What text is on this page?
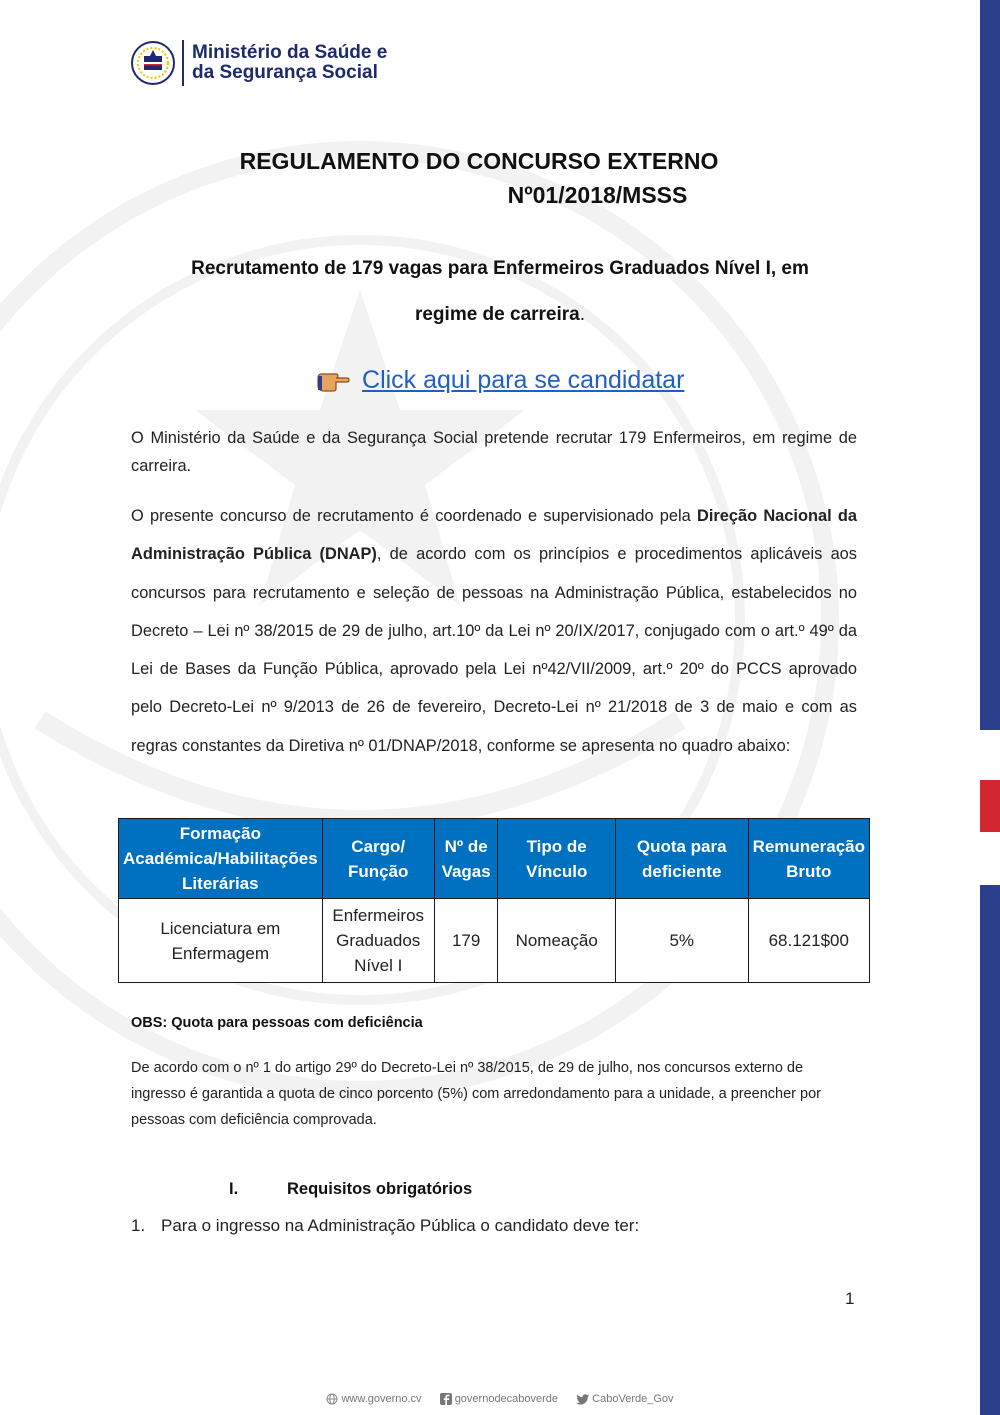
Ministério da Saúde e
da Segurança Social
REGULAMENTO DO CONCURSO EXTERNO
Nº01/2018/MSSS
Recrutamento de 179 vagas para Enfermeiros Graduados Nível I, em
regime de carreira.
Click aqui para se candidatar
O Ministério da Saúde e da Segurança Social pretende recrutar 179 Enfermeiros, em regime de carreira.
O presente concurso de recrutamento é coordenado e supervisionado pela Direção Nacional da Administração Pública (DNAP), de acordo com os princípios e procedimentos aplicáveis aos concursos para recrutamento e seleção de pessoas na Administração Pública, estabelecidos no Decreto – Lei nº 38/2015 de 29 de julho, art.10º da Lei nº 20/IX/2017, conjugado com o art.º 49º da Lei de Bases da Função Pública, aprovado pela Lei nº42/VII/2009, art.º 20º do PCCS aprovado pelo Decreto-Lei nº 9/2013 de 26 de fevereiro, Decreto-Lei nº 21/2018 de 3 de maio e com as regras constantes da Diretiva nº 01/DNAP/2018, conforme se apresenta no quadro abaixo:
Formação Académica/Habilitações Literárias	Cargo/ Função	Nº de Vagas	Tipo de Vínculo	Quota para deficiente	Remuneração Bruto
Licenciatura em Enfermagem	Enfermeiros Graduados Nível I	179	Nomeação	5%	68.121$00
OBS: Quota para pessoas com deficiência
De acordo com o nº 1 do artigo 29º do Decreto-Lei nº 38/2015, de 29 de julho, nos concursos externo de ingresso é garantida a quota de cinco porcento (5%) com arredondamento para a unidade, a preencher por pessoas com deficiência comprovada.
I.	Requisitos obrigatórios
1. Para o ingresso na Administração Pública o candidato deve ter:
1
www.governo.cv	governodecaboverde	CaboVerde_Gov
